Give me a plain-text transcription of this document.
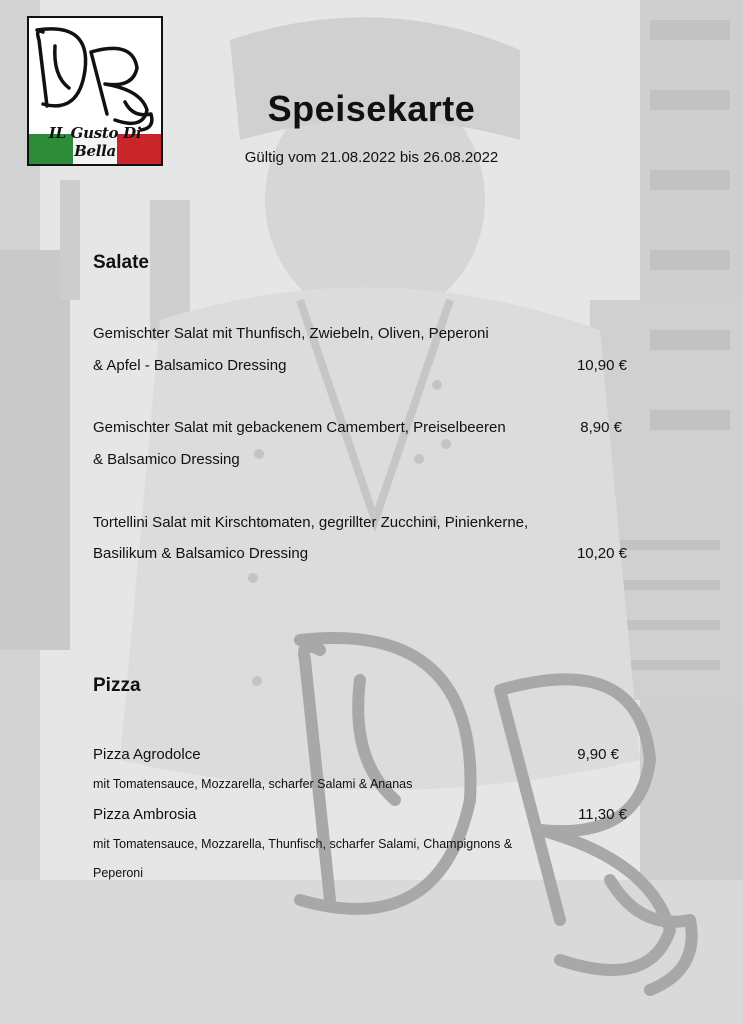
IL Gusto Di Bella
Speisekarte
Gültig vom 21.08.2022 bis 26.08.2022
Salate
Gemischter Salat mit Thunfisch, Zwiebeln, Oliven, Peperoni
& Apfel - Balsamico Dressing	10,90 €
Gemischter Salat mit gebackenem Camembert, Preiselbeeren	8,90 €
& Balsamico Dressing
Tortellini Salat mit Kirschtomaten, gegrillter Zucchini, Pinienkerne,
Basilikum & Balsamico Dressing	10,20 €
Pizza
Pizza Agrodolce	9,90 €
mit Tomatensauce, Mozzarella, scharfer Salami & Ananas
Pizza Ambrosia	11,30 €
mit Tomatensauce, Mozzarella, Thunfisch, scharfer Salami, Champignons &
Peperoni
